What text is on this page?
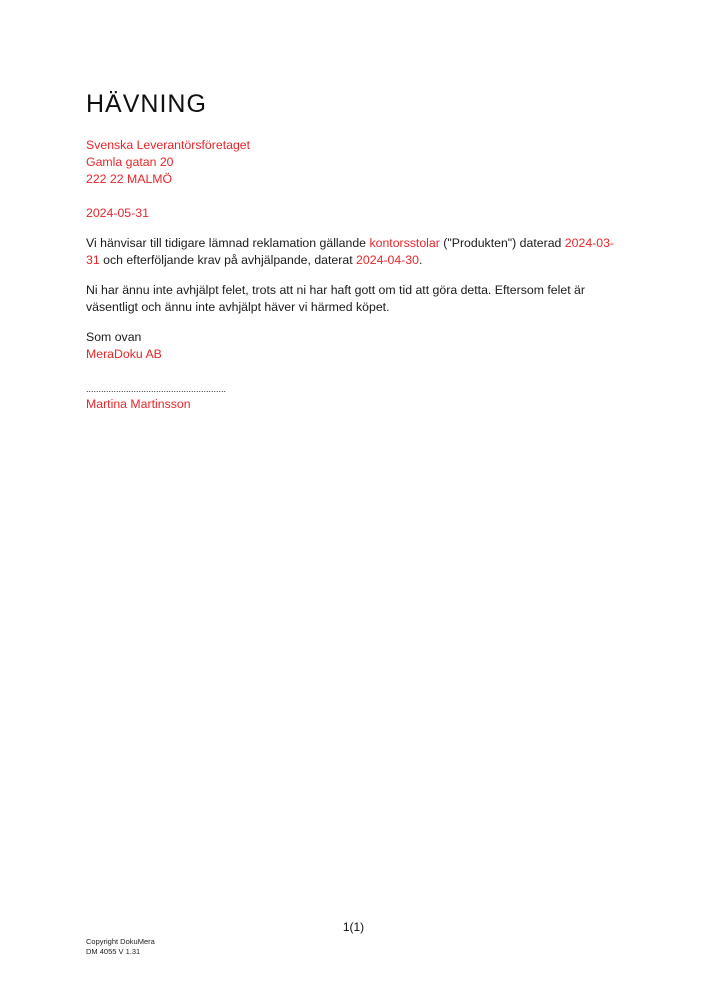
HÄVNING
Svenska Leverantörsföretaget
Gamla gatan 20
222 22 MALMÖ
2024-05-31
Vi hänvisar till tidigare lämnad reklamation gällande kontorsstolar ("Produkten") daterad 2024-03-31 och efterföljande krav på avhjälpande, daterat 2024-04-30.
Ni har ännu inte avhjälpt felet, trots att ni har haft gott om tid att göra detta. Eftersom felet är väsentligt och ännu inte avhjälpt häver vi härmed köpet.
Som ovan
MeraDoku AB
........................................................
Martina Martinsson
1(1)
Copyright DokuMera
DM 4055 V 1.31
